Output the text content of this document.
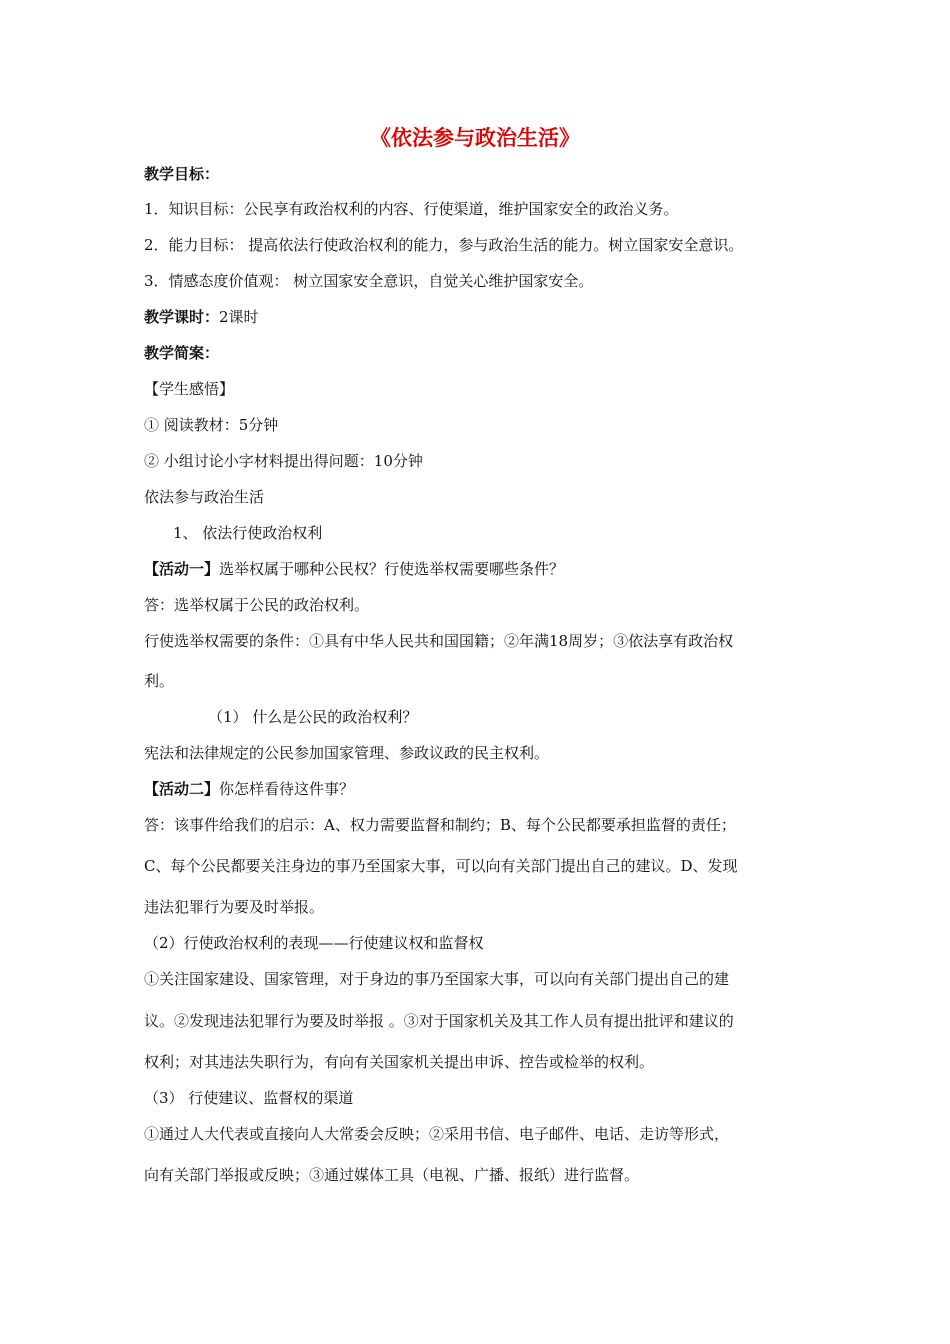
《依法参与政治生活》
教学目标：
1．知识目标：公民享有政治权利的内容、行使渠道，维护国家安全的政治义务。
2．能力目标： 提高依法行使政治权利的能力，参与政治生活的能力。树立国家安全意识。
3．情感态度价值观： 树立国家安全意识，自觉关心维护国家安全。
教学课时：2课时
教学简案：
【学生感悟】
① 阅读教材：5分钟
② 小组讨论小字材料提出得问题：10分钟
依法参与政治生活
1、 依法行使政治权利
【活动一】选举权属于哪种公民权？行使选举权需要哪些条件？
答：选举权属于公民的政治权利。
行使选举权需要的条件：①具有中华人民共和国国籍；②年满18周岁；③依法享有政治权
利。
（1） 什么是公民的政治权利？
宪法和法律规定的公民参加国家管理、参政议政的民主权利。
【活动二】你怎样看待这件事？
答：该事件给我们的启示：A、权力需要监督和制约；B、每个公民都要承担监督的责任；
C、每个公民都要关注身边的事乃至国家大事，可以向有关部门提出自己的建议。D、发现
违法犯罪行为要及时举报。
（2）行使政治权利的表现——行使建议权和监督权
①关注国家建设、国家管理，对于身边的事乃至国家大事，可以向有关部门提出自己的建
议。②发现违法犯罪行为要及时举报 。③对于国家机关及其工作人员有提出批评和建议的
权利；对其违法失职行为，有向有关国家机关提出申诉、控告或检举的权利。
（3） 行使建议、监督权的渠道
①通过人大代表或直接向人大常委会反映；②采用书信、电子邮件、电话、走访等形式，
向有关部门举报或反映；③通过媒体工具（电视、广播、报纸）进行监督。
